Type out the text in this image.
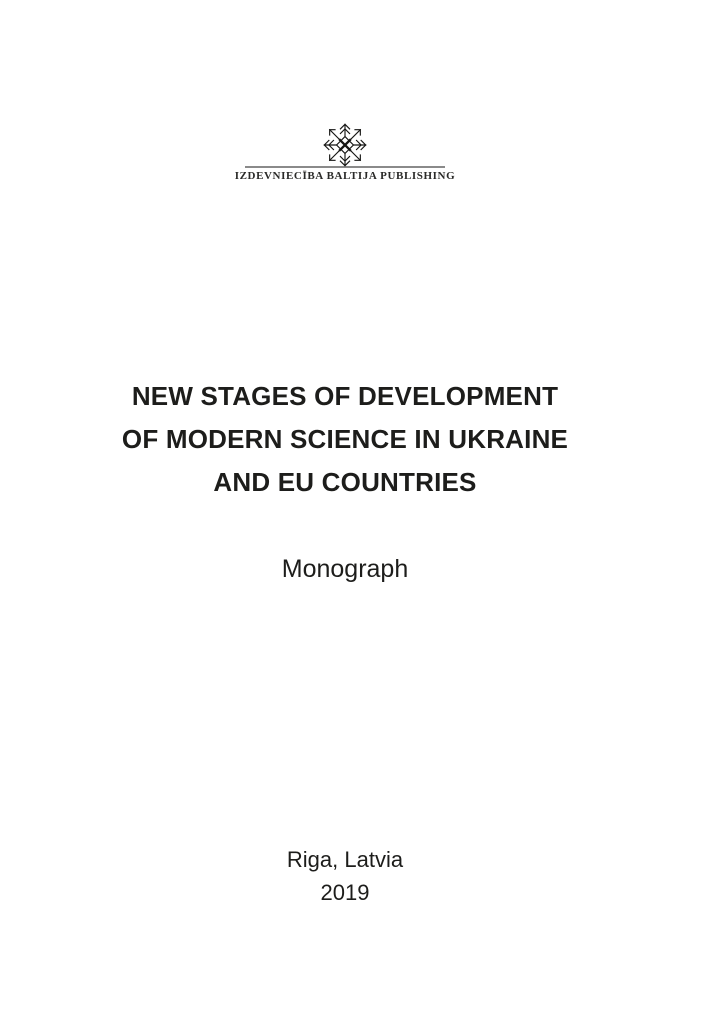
IZDEVNIECĪBA BALTIJA PUBLISHING
NEW STAGES OF DEVELOPMENT
OF MODERN SCIENCE IN UKRAINE
AND EU COUNTRIES
Monograph
Riga, Latvia
2019
